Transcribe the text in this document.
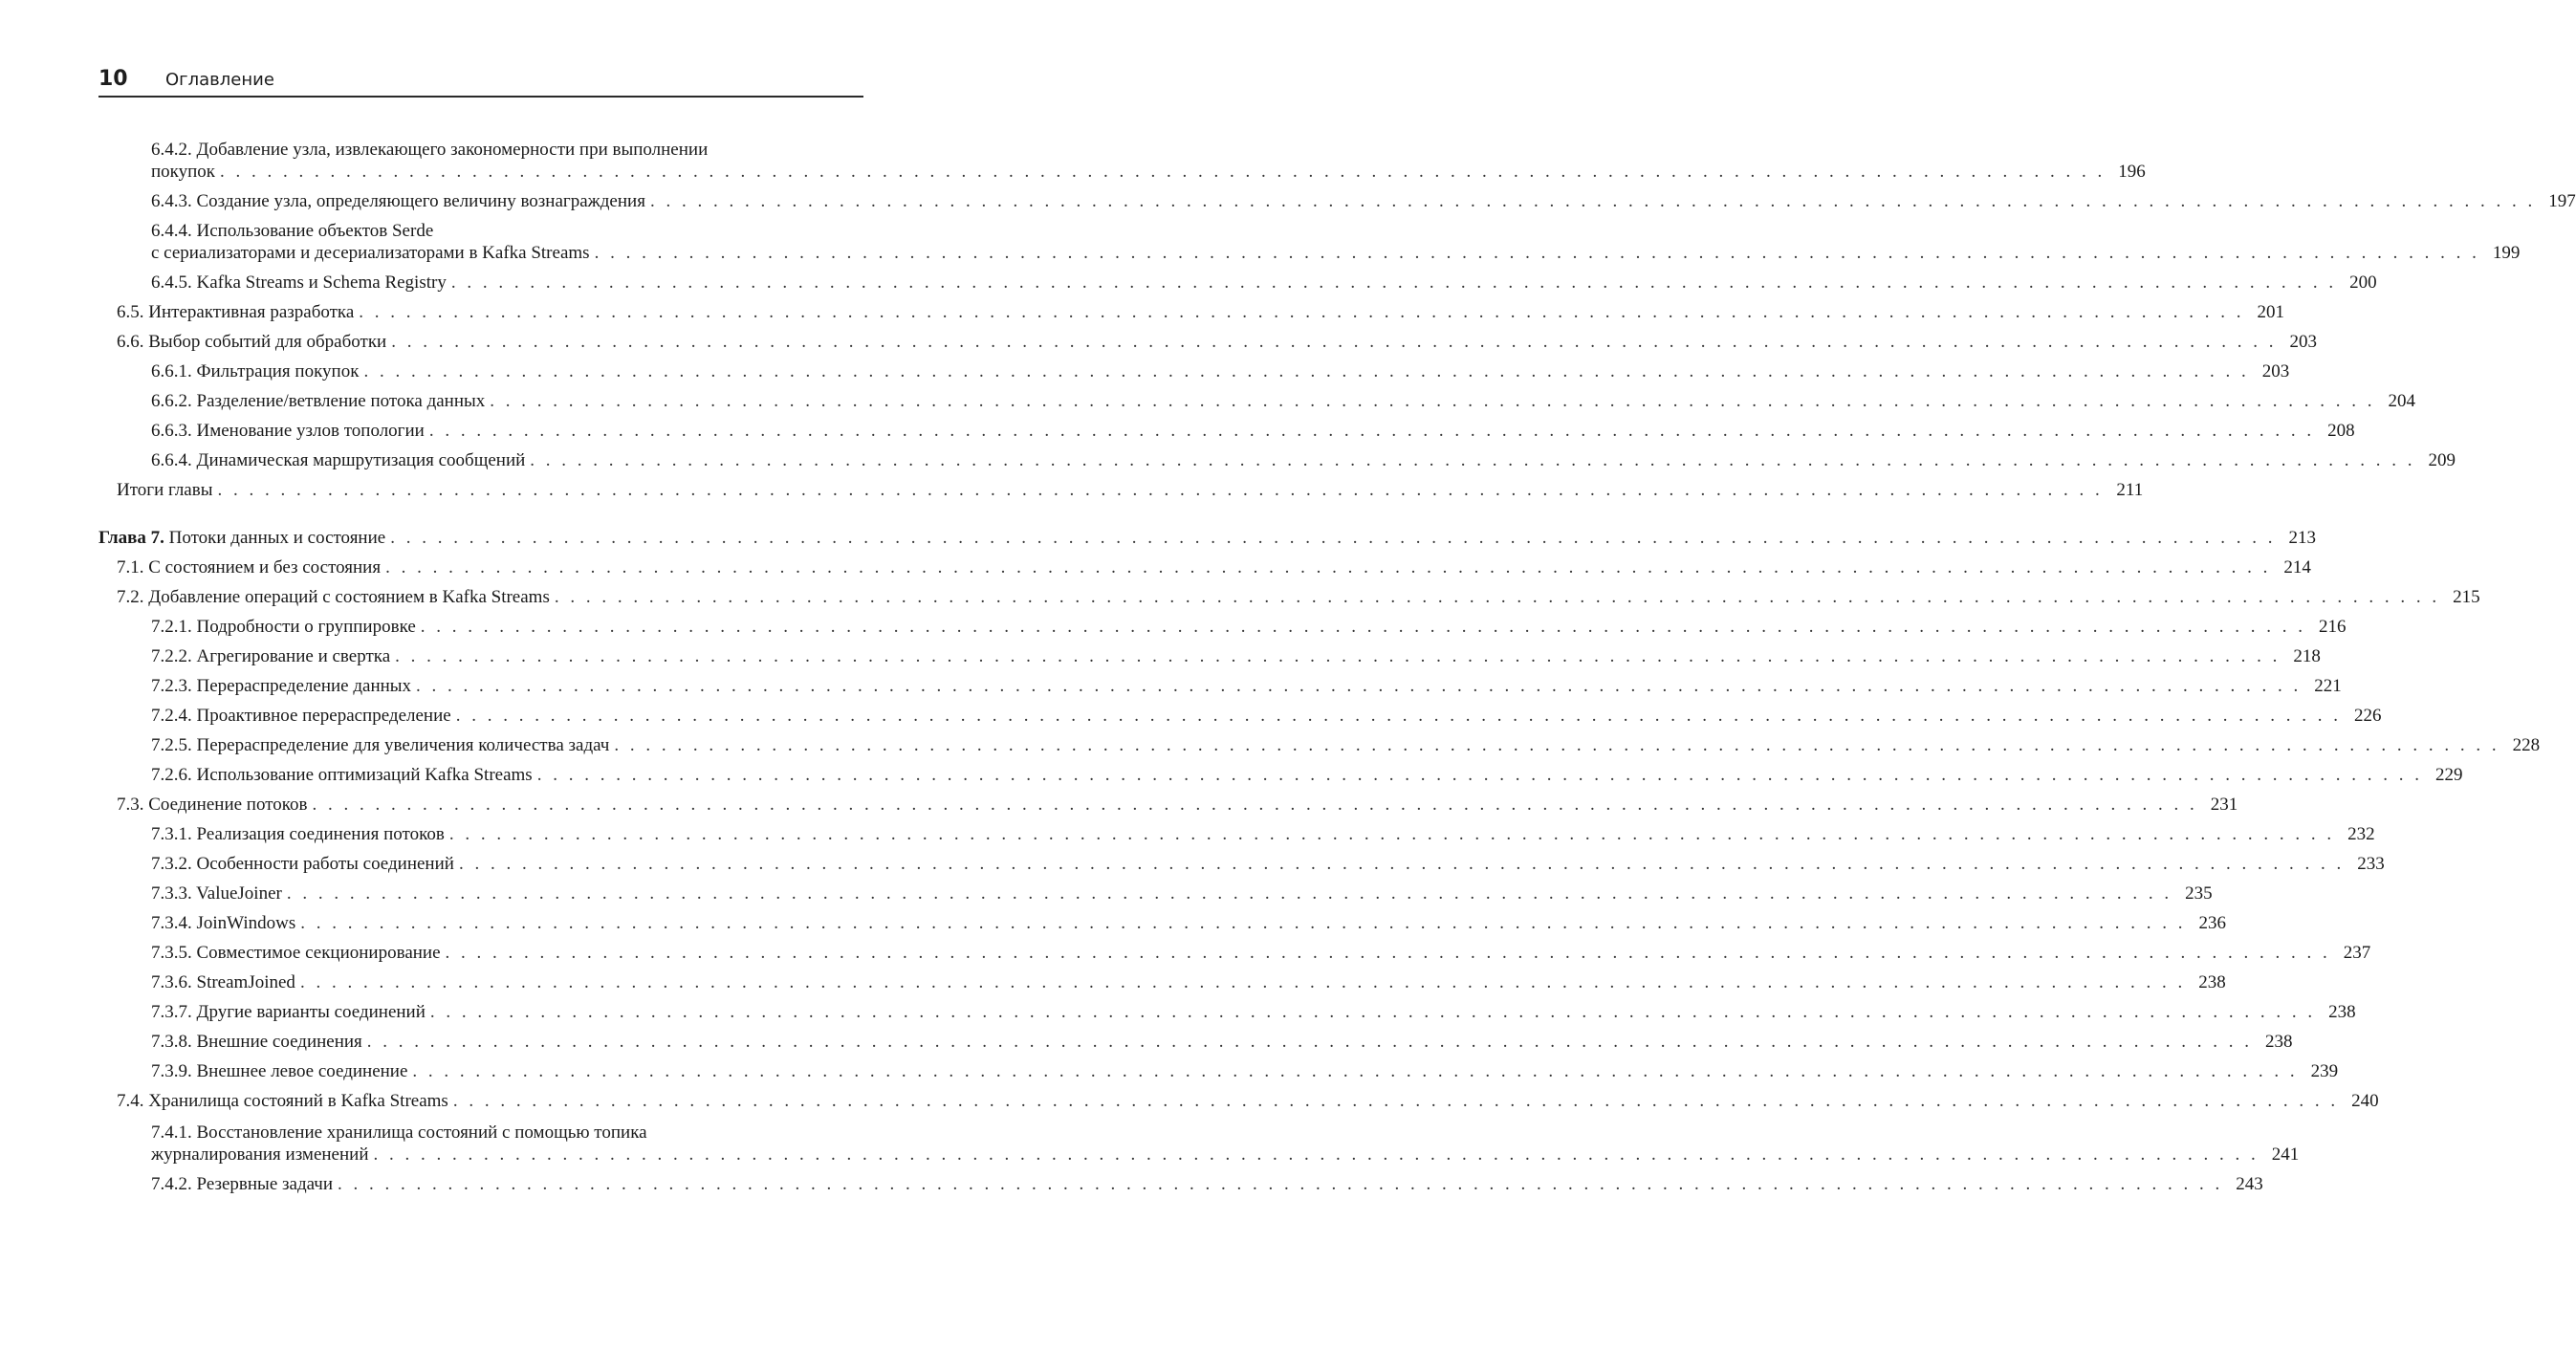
10 Оглавление
6.4.2. Добавление узла, извлекающего закономерности при выполнении
покупок . . . . . . . . . . . . . . . . . . . . . . . . . . . . . . . . . . . . . . . . . . . . . . . . . . . . . . . . . . . . . . . . . . . . . . . . . . . . . . . . . . . . . . . . . . . . . . . . . . . . . . . . . . . . . . . . . . . . . . . . 196
6.4.3. Создание узла, определяющего величину вознаграждения . . . . . . . . . . . . . . . . . . . . . . . . . . . . . . . . . . . . . . . . . . . . . . . . . . . . . . . . . . . . . . . . . . . . . . . . . . . . . . . . . . . . . . . . . . . . . . . . . . . . . . . . . . . . . . . . . . . . . . . . 197
6.4.4. Использование объектов Serde
с сериализаторами и десериализаторами в Kafka Streams . . . . . . . . . . . . . . . . . . . . . . . . . . . . . . . . . . . . . . . . . . . . . . . . . . . . . . . . . . . . . . . . . . . . . . . . . . . . . . . . . . . . . . . . . . . . . . . . . . . . . . . . . . . . . . . . . . . . . . . . 199
6.4.5. Kafka Streams и Schema Registry . . . . . . . . . . . . . . . . . . . . . . . . . . . . . . . . . . . . . . . . . . . . . . . . . . . . . . . . . . . . . . . . . . . . . . . . . . . . . . . . . . . . . . . . . . . . . . . . . . . . . . . . . . . . . . . . . . . . . . . . 200
6.5. Интерактивная разработка . . . . . . . . . . . . . . . . . . . . . . . . . . . . . . . . . . . . . . . . . . . . . . . . . . . . . . . . . . . . . . . . . . . . . . . . . . . . . . . . . . . . . . . . . . . . . . . . . . . . . . . . . . . . . . . . . . . . . . . . 201
6.6. Выбор событий для обработки . . . . . . . . . . . . . . . . . . . . . . . . . . . . . . . . . . . . . . . . . . . . . . . . . . . . . . . . . . . . . . . . . . . . . . . . . . . . . . . . . . . . . . . . . . . . . . . . . . . . . . . . . . . . . . . . . . . . . . . . 203
6.6.1. Фильтрация покупок . . . . . . . . . . . . . . . . . . . . . . . . . . . . . . . . . . . . . . . . . . . . . . . . . . . . . . . . . . . . . . . . . . . . . . . . . . . . . . . . . . . . . . . . . . . . . . . . . . . . . . . . . . . . . . . . . . . . . . . . 203
6.6.2. Разделение/ветвление потока данных . . . . . . . . . . . . . . . . . . . . . . . . . . . . . . . . . . . . . . . . . . . . . . . . . . . . . . . . . . . . . . . . . . . . . . . . . . . . . . . . . . . . . . . . . . . . . . . . . . . . . . . . . . . . . . . . . . . . . . . . 204
6.6.3. Именование узлов топологии . . . . . . . . . . . . . . . . . . . . . . . . . . . . . . . . . . . . . . . . . . . . . . . . . . . . . . . . . . . . . . . . . . . . . . . . . . . . . . . . . . . . . . . . . . . . . . . . . . . . . . . . . . . . . . . . . . . . . . . . 208
6.6.4. Динамическая маршрутизация сообщений . . . . . . . . . . . . . . . . . . . . . . . . . . . . . . . . . . . . . . . . . . . . . . . . . . . . . . . . . . . . . . . . . . . . . . . . . . . . . . . . . . . . . . . . . . . . . . . . . . . . . . . . . . . . . . . . . . . . . . . . 209
Итоги главы . . . . . . . . . . . . . . . . . . . . . . . . . . . . . . . . . . . . . . . . . . . . . . . . . . . . . . . . . . . . . . . . . . . . . . . . . . . . . . . . . . . . . . . . . . . . . . . . . . . . . . . . . . . . . . . . . . . . . . . . 211
Глава 7. Потоки данных и состояние . . . . . . . . . . . . . . . . . . . . . . . . . . . . . . . . . . . . . . . . . . . . . . . . . . . . . . . . . . . . . . . . . . . . . . . . . . . . . . . . . . . . . . . . . . . . . . . . . . . . . . . . . . . . . . . . . . . . . . . . 213
7.1. С состоянием и без состояния . . . . . . . . . . . . . . . . . . . . . . . . . . . . . . . . . . . . . . . . . . . . . . . . . . . . . . . . . . . . . . . . . . . . . . . . . . . . . . . . . . . . . . . . . . . . . . . . . . . . . . . . . . . . . . . . . . . . . . . . 214
7.2. Добавление операций с состоянием в Kafka Streams . . . . . . . . . . . . . . . . . . . . . . . . . . . . . . . . . . . . . . . . . . . . . . . . . . . . . . . . . . . . . . . . . . . . . . . . . . . . . . . . . . . . . . . . . . . . . . . . . . . . . . . . . . . . . . . . . . . . . . . . 215
7.2.1. Подробности о группировке . . . . . . . . . . . . . . . . . . . . . . . . . . . . . . . . . . . . . . . . . . . . . . . . . . . . . . . . . . . . . . . . . . . . . . . . . . . . . . . . . . . . . . . . . . . . . . . . . . . . . . . . . . . . . . . . . . . . . . . . 216
7.2.2. Агрегирование и свертка . . . . . . . . . . . . . . . . . . . . . . . . . . . . . . . . . . . . . . . . . . . . . . . . . . . . . . . . . . . . . . . . . . . . . . . . . . . . . . . . . . . . . . . . . . . . . . . . . . . . . . . . . . . . . . . . . . . . . . . . 218
7.2.3. Перераспределение данных . . . . . . . . . . . . . . . . . . . . . . . . . . . . . . . . . . . . . . . . . . . . . . . . . . . . . . . . . . . . . . . . . . . . . . . . . . . . . . . . . . . . . . . . . . . . . . . . . . . . . . . . . . . . . . . . . . . . . . . . 221
7.2.4. Проактивное перераспределение . . . . . . . . . . . . . . . . . . . . . . . . . . . . . . . . . . . . . . . . . . . . . . . . . . . . . . . . . . . . . . . . . . . . . . . . . . . . . . . . . . . . . . . . . . . . . . . . . . . . . . . . . . . . . . . . . . . . . . . . 226
7.2.5. Перераспределение для увеличения количества задач . . . . . . . . . . . . . . . . . . . . . . . . . . . . . . . . . . . . . . . . . . . . . . . . . . . . . . . . . . . . . . . . . . . . . . . . . . . . . . . . . . . . . . . . . . . . . . . . . . . . . . . . . . . . . . . . . . . . . . . . 228
7.2.6. Использование оптимизаций Kafka Streams . . . . . . . . . . . . . . . . . . . . . . . . . . . . . . . . . . . . . . . . . . . . . . . . . . . . . . . . . . . . . . . . . . . . . . . . . . . . . . . . . . . . . . . . . . . . . . . . . . . . . . . . . . . . . . . . . . . . . . . . 229
7.3. Соединение потоков . . . . . . . . . . . . . . . . . . . . . . . . . . . . . . . . . . . . . . . . . . . . . . . . . . . . . . . . . . . . . . . . . . . . . . . . . . . . . . . . . . . . . . . . . . . . . . . . . . . . . . . . . . . . . . . . . . . . . . . . 231
7.3.1. Реализация соединения потоков . . . . . . . . . . . . . . . . . . . . . . . . . . . . . . . . . . . . . . . . . . . . . . . . . . . . . . . . . . . . . . . . . . . . . . . . . . . . . . . . . . . . . . . . . . . . . . . . . . . . . . . . . . . . . . . . . . . . . . . . 232
7.3.2. Особенности работы соединений . . . . . . . . . . . . . . . . . . . . . . . . . . . . . . . . . . . . . . . . . . . . . . . . . . . . . . . . . . . . . . . . . . . . . . . . . . . . . . . . . . . . . . . . . . . . . . . . . . . . . . . . . . . . . . . . . . . . . . . . 233
7.3.3. ValueJoiner . . . . . . . . . . . . . . . . . . . . . . . . . . . . . . . . . . . . . . . . . . . . . . . . . . . . . . . . . . . . . . . . . . . . . . . . . . . . . . . . . . . . . . . . . . . . . . . . . . . . . . . . . . . . . . . . . . . . . . . . 235
7.3.4. JoinWindows . . . . . . . . . . . . . . . . . . . . . . . . . . . . . . . . . . . . . . . . . . . . . . . . . . . . . . . . . . . . . . . . . . . . . . . . . . . . . . . . . . . . . . . . . . . . . . . . . . . . . . . . . . . . . . . . . . . . . . . . 236
7.3.5. Совместимое секционирование . . . . . . . . . . . . . . . . . . . . . . . . . . . . . . . . . . . . . . . . . . . . . . . . . . . . . . . . . . . . . . . . . . . . . . . . . . . . . . . . . . . . . . . . . . . . . . . . . . . . . . . . . . . . . . . . . . . . . . . . 237
7.3.6. StreamJoined . . . . . . . . . . . . . . . . . . . . . . . . . . . . . . . . . . . . . . . . . . . . . . . . . . . . . . . . . . . . . . . . . . . . . . . . . . . . . . . . . . . . . . . . . . . . . . . . . . . . . . . . . . . . . . . . . . . . . . . . 238
7.3.7. Другие варианты соединений . . . . . . . . . . . . . . . . . . . . . . . . . . . . . . . . . . . . . . . . . . . . . . . . . . . . . . . . . . . . . . . . . . . . . . . . . . . . . . . . . . . . . . . . . . . . . . . . . . . . . . . . . . . . . . . . . . . . . . . . 238
7.3.8. Внешние соединения . . . . . . . . . . . . . . . . . . . . . . . . . . . . . . . . . . . . . . . . . . . . . . . . . . . . . . . . . . . . . . . . . . . . . . . . . . . . . . . . . . . . . . . . . . . . . . . . . . . . . . . . . . . . . . . . . . . . . . . . 238
7.3.9. Внешнее левое соединение . . . . . . . . . . . . . . . . . . . . . . . . . . . . . . . . . . . . . . . . . . . . . . . . . . . . . . . . . . . . . . . . . . . . . . . . . . . . . . . . . . . . . . . . . . . . . . . . . . . . . . . . . . . . . . . . . . . . . . . . 239
7.4. Хранилища состояний в Kafka Streams . . . . . . . . . . . . . . . . . . . . . . . . . . . . . . . . . . . . . . . . . . . . . . . . . . . . . . . . . . . . . . . . . . . . . . . . . . . . . . . . . . . . . . . . . . . . . . . . . . . . . . . . . . . . . . . . . . . . . . . . 240
7.4.1. Восстановление хранилища состояний с помощью топика
журналирования изменений . . . . . . . . . . . . . . . . . . . . . . . . . . . . . . . . . . . . . . . . . . . . . . . . . . . . . . . . . . . . . . . . . . . . . . . . . . . . . . . . . . . . . . . . . . . . . . . . . . . . . . . . . . . . . . . . . . . . . . . . 241
7.4.2. Резервные задачи . . . . . . . . . . . . . . . . . . . . . . . . . . . . . . . . . . . . . . . . . . . . . . . . . . . . . . . . . . . . . . . . . . . . . . . . . . . . . . . . . . . . . . . . . . . . . . . . . . . . . . . . . . . . . . . . . . . . . . . . 243
